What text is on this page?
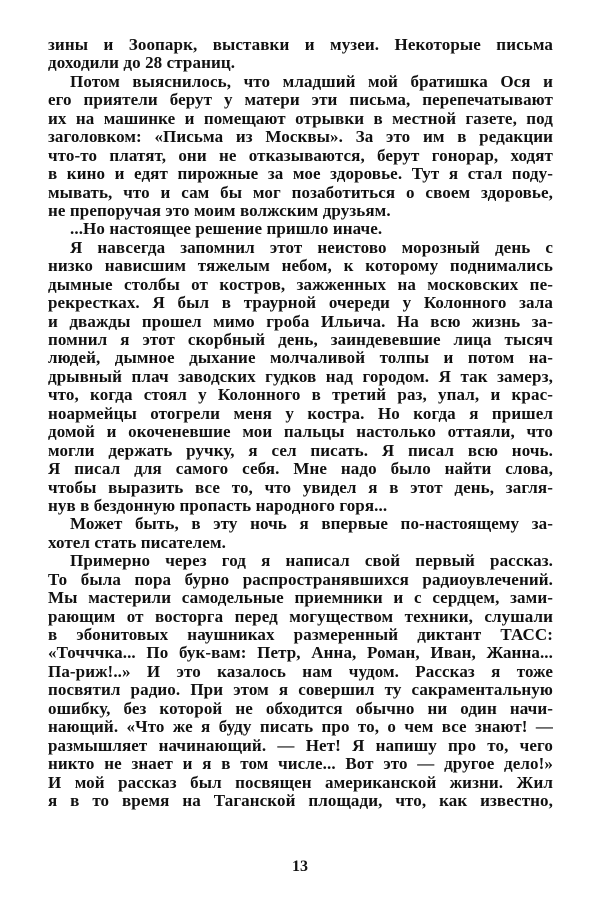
зины и Зоопарк, выставки и музеи. Некоторые письма
доходили до 28 страниц.
Потом выяснилось, что младший мой братишка Ося и
его приятели берут у матери эти письма, перепечатывают
их на машинке и помещают отрывки в местной газете, под
заголовком: «Письма из Москвы». За это им в редакции
что-то платят, они не отказываются, берут гонорар, ходят
в кино и едят пирожные за мое здоровье. Тут я стал поду-
мывать, что и сам бы мог позаботиться о своем здоровье,
не препоручая это моим волжским друзьям.
...Но настоящее решение пришло иначе.
Я навсегда запомнил этот неистово морозный день с
низко нависшим тяжелым небом, к которому поднимались
дымные столбы от костров, зажженных на московских пе-
рекрестках. Я был в траурной очереди у Колонного зала
и дважды прошел мимо гроба Ильича. На всю жизнь за-
помнил я этот скорбный день, заиндевевшие лица тысяч
людей, дымное дыхание молчаливой толпы и потом на-
дрывный плач заводских гудков над городом. Я так замерз,
что, когда стоял у Колонного в третий раз, упал, и крас-
ноармейцы отогрели меня у костра. Но когда я пришел
домой и окоченевшие мои пальцы настолько оттаяли, что
могли держать ручку, я сел писать. Я писал всю ночь.
Я писал для самого себя. Мне надо было найти слова,
чтобы выразить все то, что увидел я в этот день, загля-
нув в бездонную пропасть народного горя...
Может быть, в эту ночь я впервые по-настоящему за-
хотел стать писателем.
Примерно через год я написал свой первый рассказ.
То была пора бурно распространявшихся радиоувлечений.
Мы мастерили самодельные приемники и с сердцем, зами-
рающим от восторга перед могуществом техники, слушали
в эбонитовых наушниках размеренный диктант ТАСС:
«Точччка... По бук-вам: Петр, Анна, Роман, Иван, Жанна...
Па-риж!..» И это казалось нам чудом. Рассказ я тоже
посвятил радио. При этом я совершил ту сакраментальную
ошибку, без которой не обходится обычно ни один начи-
нающий. «Что же я буду писать про то, о чем все знают! —
размышляет начинающий. — Нет! Я напишу про то, чего
никто не знает и я в том числе... Вот это — другое дело!»
И мой рассказ был посвящен американской жизни. Жил
я в то время на Таганской площади, что, как известно,
13
